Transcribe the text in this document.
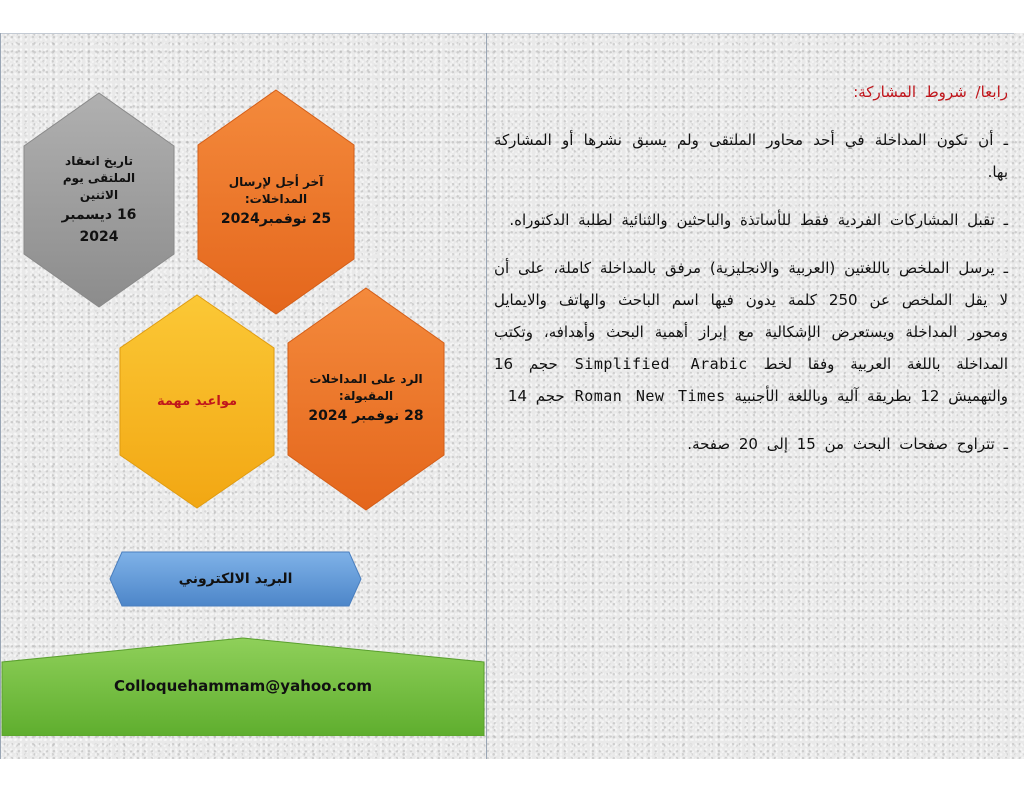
تاريخ انعقاد
الملتقى يوم الاثنين
16 ديسمبر 2024
آخر أجل لإرسال
المداخلات:
25 نوفمبر2024
مواعيد مهمة
الرد على المداخلات
المقبولة:
28 نوفمبر 2024
البريد الالكتروني
Colloquehammam@yahoo.com
رابعا/ شروط المشاركة:

ـ أن تكون المداخلة في أحد محاور الملتقى ولم يسبق نشرها أو المشاركة بها.

ـ تقبل المشاركات الفردية فقط للأساتذة والباحثين والثنائية لطلبة الدكتوراه.

ـ يرسل الملخص باللغتين (العربية والانجليزية) مرفق بالمداخلة كاملة، على أن لا يقل الملخص عن 250 كلمة يدون فيها اسم الباحث والهاتف والايمايل ومحور المداخلة ويستعرض الإشكالية مع إبراز أهمية البحث وأهدافه، وتكتب المداخلة باللغة العربية وفقا لخط Simplified Arabic حجم 16 والتهميش 12 بطريقة آلية وباللغة الأجنبية Roman New Times حجم 14

ـ تتراوح صفحات البحث من 15 إلى 20 صفحة.
